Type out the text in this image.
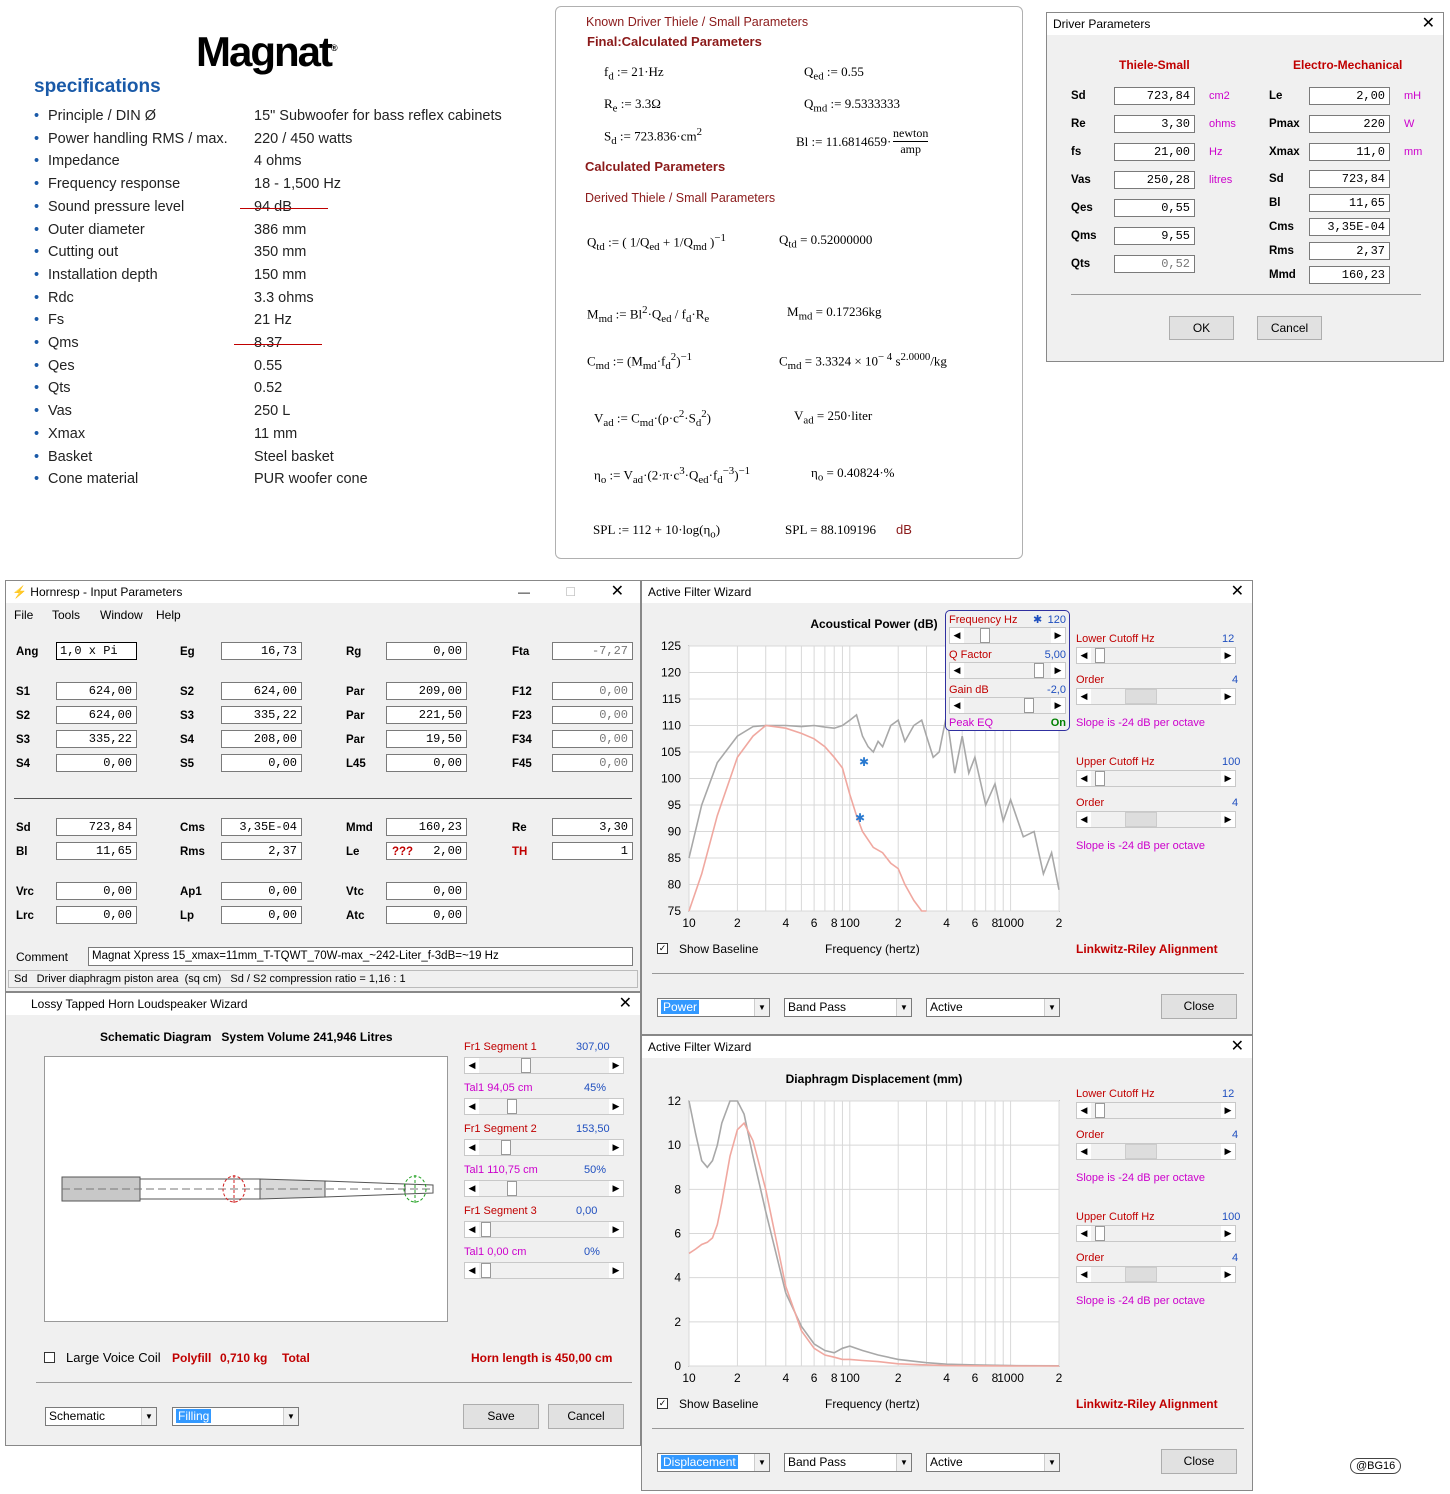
Magnat®
specifications
Known Driver Thiele / Small Parameters
Final:Calculated Parameters
$f_d$ := 21·Hz	$Q_{ed}$ := 0.55
$R_e$ := 3.3Ω	$Q_{md}$ := 9.5333333
$S_d$ := $723.836\cdot cm^2$
Bl := 11.6814659·
newton
amp
Calculated Parameters
Derived Thiele / Small Parameters
$Q_{td}$ := ( $1/Q_{ed} + 1/Q_{md}$ )$^{-1}$	$Q_{td} = 0.52000000$
$M_{md}$ := $Bl^2\cdot Q_{ed} / f_d\cdot R_e$	$M_{md} = 0.17236kg$
$C_{md}$ := $(M_{md}\cdot f_d^2)^{-1}$	$C_{md} = 3.3324 \times 10^{- 4}$ $s^{2.0000}/kg$
$V_{ad}$ := $C_{md}\cdot(\rho\cdot c^2\cdot S_d^2)$	$V_{ad}$ = 250·liter
$\eta_o$ := $V_{ad}\cdot(2\cdot\pi\cdot c^3\cdot Q_{ed}\cdot f_d^{-3})^{-1}$	$\eta_o = 0.40824\cdot\%$
SPL := $112 + 10\cdot\log(\eta_o)$	SPL = 88.109196 dB
Driver Parameters	✕
Thiele-Small	Electro-Mechanical
OK	Cancel
Sd	723,84	cm2
Re	3,30	ohms
fs	21,00	Hz
Vas	250,28	litres
Qes	0,55
Qms	9,55
Qts	0,52
Le	2,00	mH
Pmax	220	W
Xmax	11,0	mm
Sd	723,84
Bl	11,65
Cms	3,35E-04
Rms	2,37
Mmd	160,23
⚡ Hornresp - Input Parameters	—	☐ ✕
File Tools Window Help
Comment	Magnat Xpress 15_xmax=11mm_T-TQWT_70W-max_~242-Liter_f-3dB=~19 Hz
Sd   Driver diaphragm piston area  (sq cm)   Sd / S2 compression ratio = 1,16 : 1
Ang	1,0 x Pi	Eg	16,73	Rg	0,00	Fta	-7,27
S1	624,00	S2	624,00	Par	209,00	F12	0,00
S2	624,00	S3	335,22	Par	221,50	F23	0,00
S3	335,22	S4	208,00	Par	19,50	F34	0,00
S4	0,00	S5	0,00	L45	0,00	F45	0,00
Sd	723,84	Cms	3,35E-04	Mmd	160,23	Re	3,30
Bl	11,65	Rms	2,37	Le	2,00	TH	1
Vrc	0,00	Ap1	0,00	Vtc	0,00
Lrc	0,00	Lp	0,00	Atc	0,00
???
Lossy Tapped Horn Loudspeaker Wizard	✕
Schematic Diagram System Volume 241,946 Litres
Large Voice Coil Polyfill 0,710 kg Total	Horn length is 450,00 cm
Schematic	▼	Filling	▼	Save	Cancel
Fr1 Segment 1	307,00
◀	▶
Tal1 94,05 cm	45%
◀	▶
Fr1 Segment 2	153,50
◀	▶
Tal1 110,75 cm	50%
◀	▶
Fr1 Segment 3	0,00
◀	▶
Tal1 0,00 cm	0%
◀	▶
Active Filter Wizard	✕
Acoustical Power (dB)
75
80
85
90
95
100
105
110
115
120
125
10	2	4 6 8 100	2	4 6 8
1000	2
✱
✱
Frequency Hz ✱ 120
◀	▶
Q Factor	5,00
◀	▶
Gain dB	-2,0
◀	▶
Peak EQ	On
✓ Show Baseline	Frequency (hertz)	Linkwitz-Riley Alignment
Power	▼	Band Pass	▼	Active	▼	Close
Lower Cutoff Hz	12
◀	▶
Order	4
◀	▶
Slope is -24 dB per octave
Upper Cutoff Hz	100
◀	▶
Order	4
◀	▶
Slope is -24 dB per octave
Active Filter Wizard	✕
Diaphragm Displacement (mm)
0
2
4
6
8
10
12
10	2	4 6 8 100	2	4 6 8
1000	2
✓ Show Baseline	Frequency (hertz)	Linkwitz-Riley Alignment
Displacement	▼	Band Pass	▼	Active	▼	Close
Lower Cutoff Hz	12
◀	▶
Order	4
◀	▶
Slope is -24 dB per octave
Upper Cutoff Hz	100
◀	▶
Order	4
◀	▶
Slope is -24 dB per octave
@BG16
• Principle / DIN Ø	15" Subwoofer for bass reflex cabinets
• Power handling RMS / max. 220 / 450 watts
• Impedance	4 ohms
• Frequency response	18 - 1,500 Hz
• Sound pressure level	94 dB
• Outer diameter	386 mm
• Cutting out	350 mm
• Installation depth	150 mm
• Rdc	3.3 ohms
• Fs	21 Hz
• Qms	8.37
• Qes	0.55
• Qts	0.52
• Vas	250 L
• Xmax	11 mm
• Basket	Steel basket
• Cone material	PUR woofer cone
